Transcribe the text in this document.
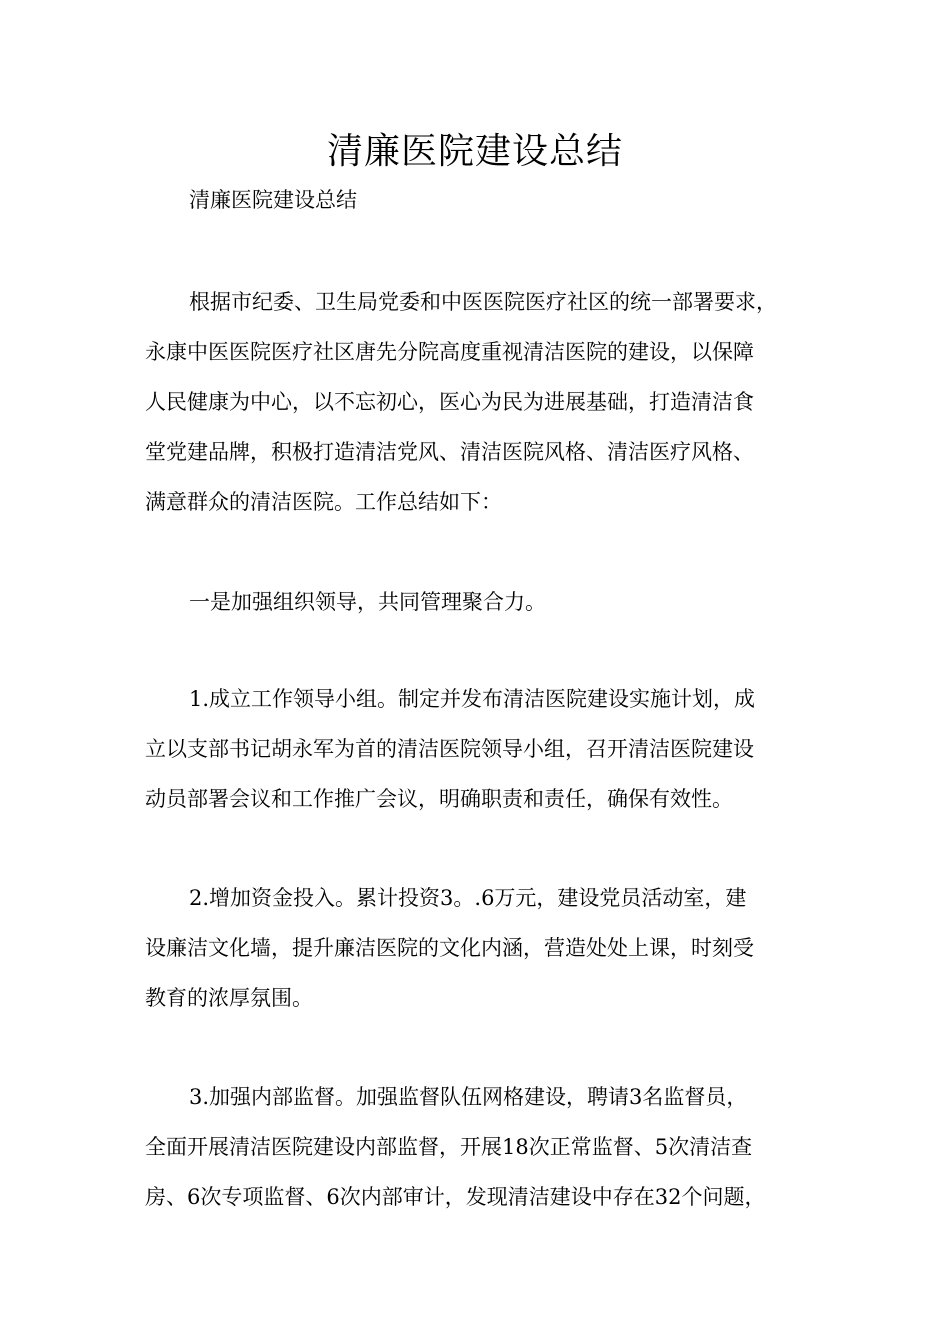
清廉医院建设总结
清廉医院建设总结
根据市纪委、卫生局党委和中医医院医疗社区的统一部署要求，
永康中医医院医疗社区唐先分院高度重视清洁医院的建设，以保障
人民健康为中心，以不忘初心，医心为民为进展基础，打造清洁食
堂党建品牌，积极打造清洁党风、清洁医院风格、清洁医疗风格、
满意群众的清洁医院。工作总结如下：
一是加强组织领导，共同管理聚合力。
1.成立工作领导小组。制定并发布清洁医院建设实施计划，成
立以支部书记胡永军为首的清洁医院领导小组，召开清洁医院建设
动员部署会议和工作推广会议，明确职责和责任，确保有效性。
2.增加资金投入。累计投资3。.6万元，建设党员活动室，建
设廉洁文化墙，提升廉洁医院的文化内涵，营造处处上课，时刻受
教育的浓厚氛围。
3.加强内部监督。加强监督队伍网格建设，聘请3名监督员，
全面开展清洁医院建设内部监督，开展18次正常监督、5次清洁查
房、6次专项监督、6次内部审计，发现清洁建设中存在32个问题，
